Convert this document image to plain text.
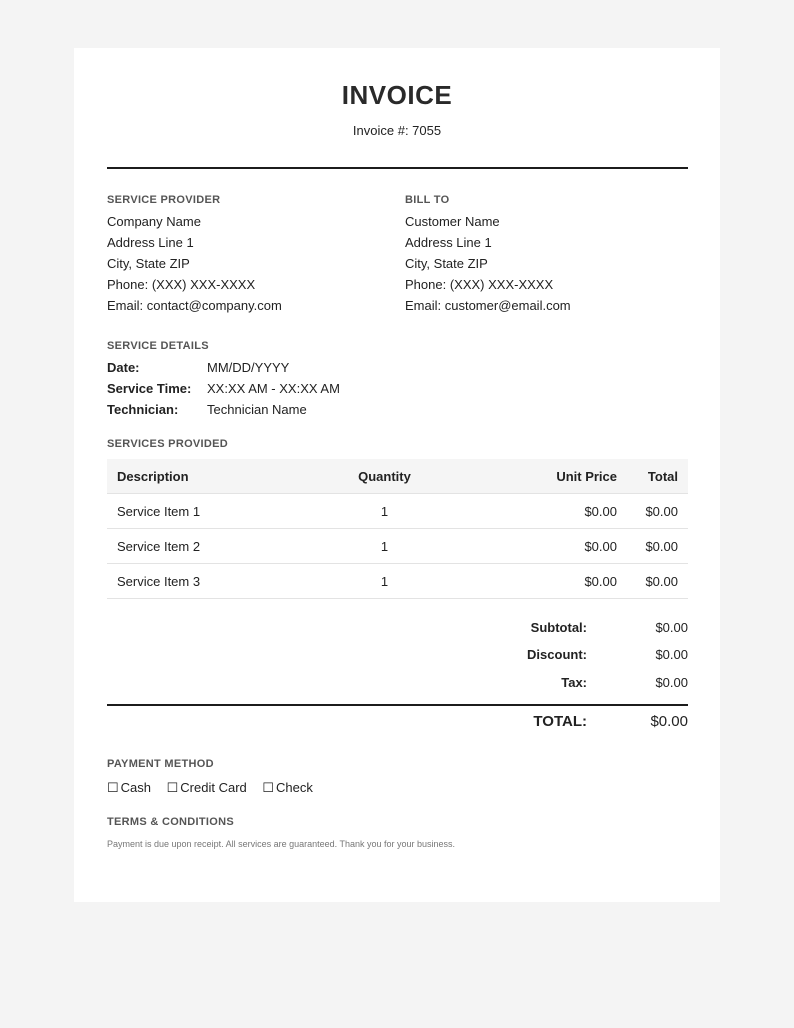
INVOICE
Invoice #: 7055
SERVICE PROVIDER
Company Name
Address Line 1
City, State ZIP
Phone: (XXX) XXX-XXXX
Email: contact@company.com
BILL TO
Customer Name
Address Line 1
City, State ZIP
Phone: (XXX) XXX-XXXX
Email: customer@email.com
SERVICE DETAILS
Date:	MM/DD/YYYY
Service Time: XX:XX AM - XX:XX AM
Technician: Technician Name
SERVICES PROVIDED
Description	Quantity	Unit Price	Total
Service Item 1	1	$0.00	$0.00
Service Item 2	1	$0.00	$0.00
Service Item 3	1	$0.00	$0.00
Subtotal:	$0.00
Discount:	$0.00
Tax:	$0.00
TOTAL:	$0.00
PAYMENT METHOD
☐ Cash ☐ Credit Card ☐ Check
TERMS & CONDITIONS
Payment is due upon receipt. All services are guaranteed. Thank you for your business.
